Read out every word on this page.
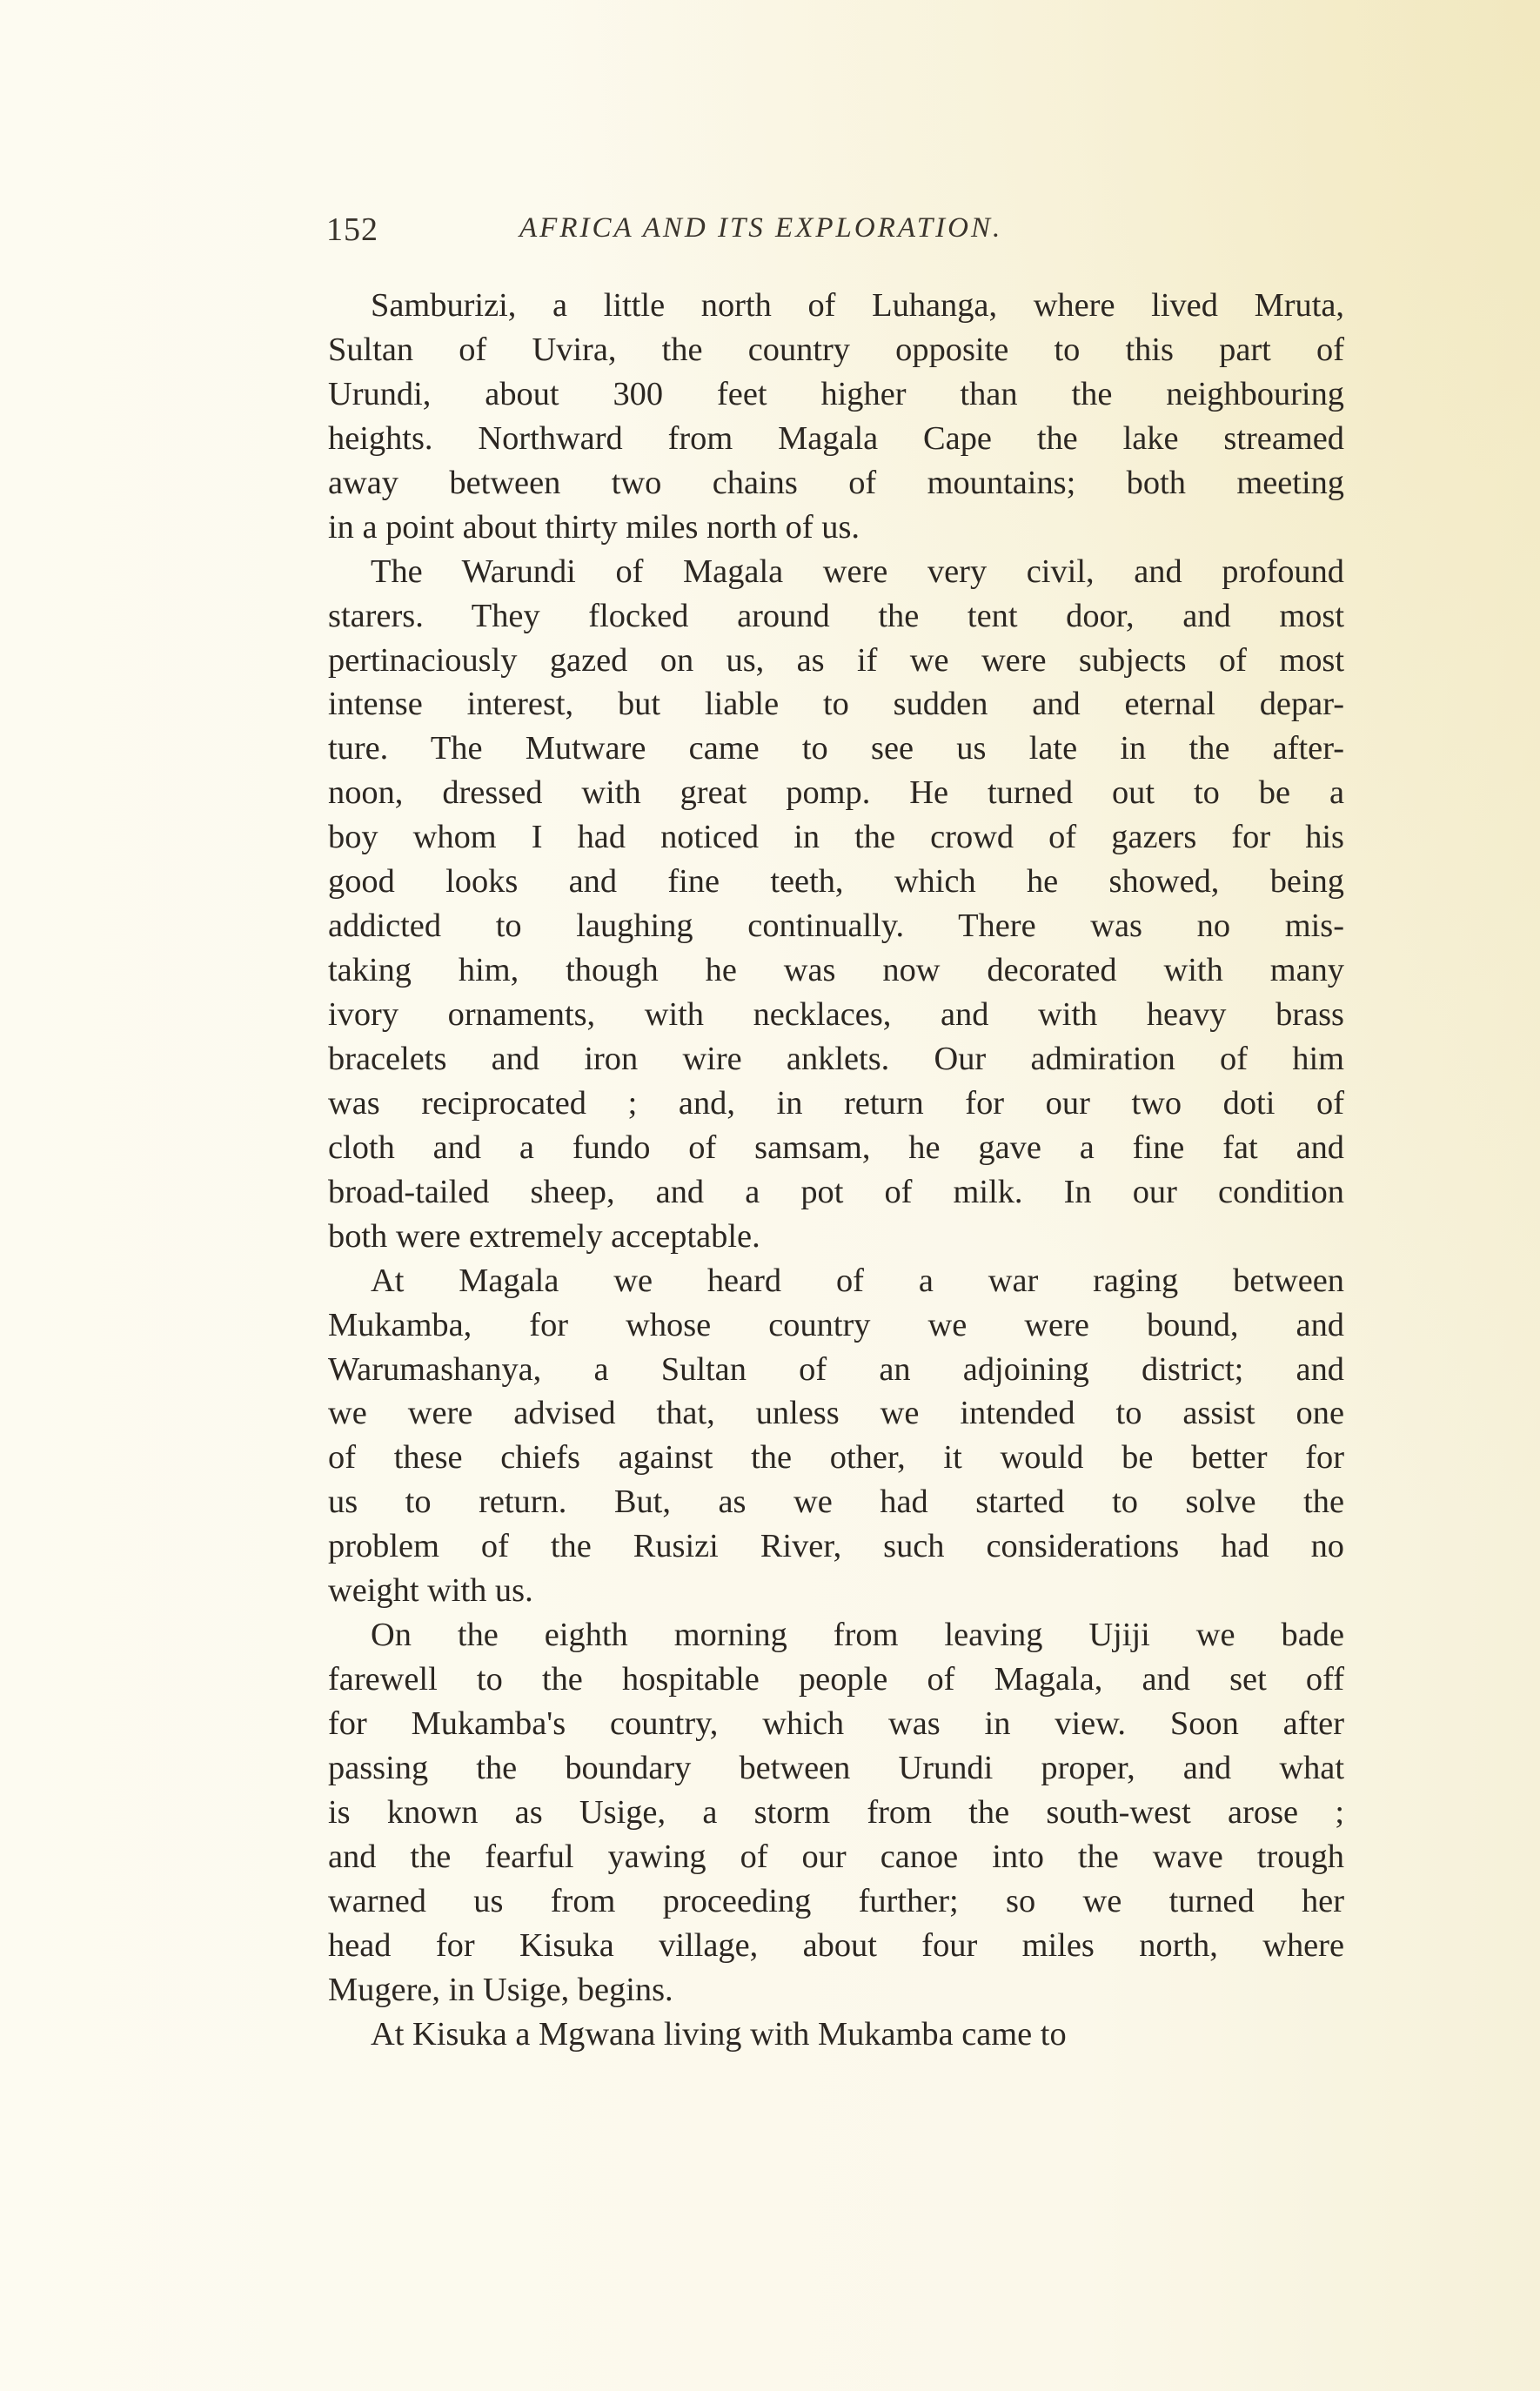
152	AFRICA AND ITS EXPLORATION.
Samburizi, a little north of Luhanga, where lived Mruta,
Sultan of Uvira, the country opposite to this part of
Urundi, about 300 feet higher than the neighbouring
heights. Northward from Magala Cape the lake streamed
away between two chains of mountains; both meeting
in a point about thirty miles north of us.
The Warundi of Magala were very civil, and profound
starers. They flocked around the tent door, and most
pertinaciously gazed on us, as if we were subjects of most
intense interest, but liable to sudden and eternal depar-
ture. The Mutware came to see us late in the after-
noon, dressed with great pomp. He turned out to be a
boy whom I had noticed in the crowd of gazers for his
good looks and fine teeth, which he showed, being
addicted to laughing continually. There was no mis-
taking him, though he was now decorated with many
ivory ornaments, with necklaces, and with heavy brass
bracelets and iron wire anklets. Our admiration of him
was reciprocated ; and, in return for our two doti of
cloth and a fundo of samsam, he gave a fine fat and
broad-tailed sheep, and a pot of milk. In our condition
both were extremely acceptable.
At Magala we heard of a war raging between
Mukamba, for whose country we were bound, and
Warumashanya, a Sultan of an adjoining district; and
we were advised that, unless we intended to assist one
of these chiefs against the other, it would be better for
us to return. But, as we had started to solve the
problem of the Rusizi River, such considerations had no
weight with us.
On the eighth morning from leaving Ujiji we bade
farewell to the hospitable people of Magala, and set off
for Mukamba's country, which was in view. Soon after
passing the boundary between Urundi proper, and what
is known as Usige, a storm from the south-west arose ;
and the fearful yawing of our canoe into the wave trough
warned us from proceeding further; so we turned her
head for Kisuka village, about four miles north, where
Mugere, in Usige, begins.
At Kisuka a Mgwana living with Mukamba came to
